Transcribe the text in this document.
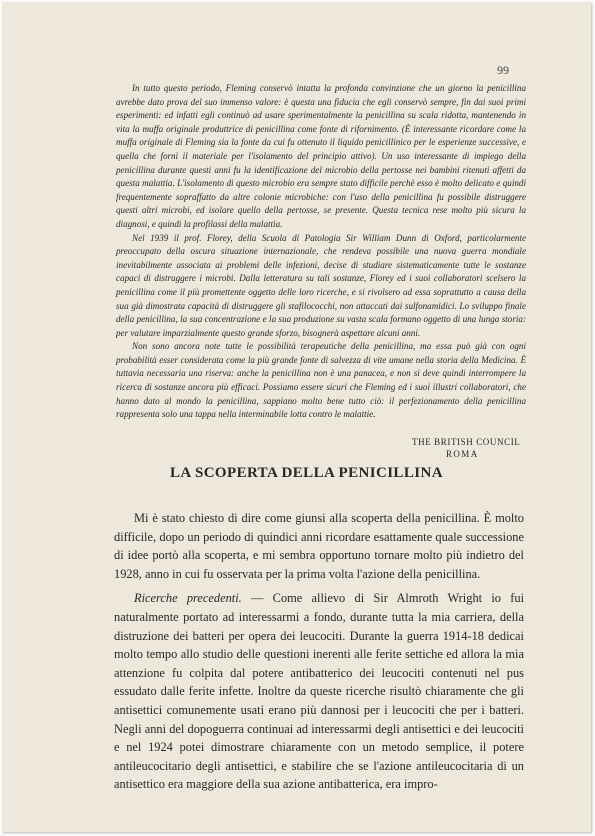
99

In tutto questo periodo, Fleming conservò intatta la profonda convinzione che un giorno la penicillina avrebbe dato prova del suo immenso valore: è questa una fiducia che egli conservò sempre, fin dai suoi primi esperimenti: ed infatti egli continuò ad usare sperimentalmente la penicillina su scala ridotta, mantenendo in vita la muffa originale produttrice di penicillina come fonte di rifornimento. (È interessante ricordare come la muffa originale di Fleming sia la fonte da cui fu ottenuto il liquido penicillinico per le esperienze successive, e quella che fornì il materiale per l'isolamento del principio attivo). Un uso interessante di impiego della penicillina durante questi anni fu la identificazione del microbio della pertosse nei bambini ritenuti affetti da questa malattia. L'isolamento di questo microbio era sempre stato difficile perchè esso è molto delicato e quindi frequentemente sopraffatto da altre colonie microbiche: con l'uso della penicillina fu possibile distruggere questi altri microbi, ed isolare quello della pertosse, se presente. Questa tecnica rese molto più sicura la diagnosi, e quindi la profilassi della malattia.

Nel 1939 il prof. Florey, della Scuola di Patologia Sir William Dunn di Oxford, particolarmente preoccupato della oscura situazione internazionale, che rendeva possibile una nuova guerra mondiale inevitabilmente associata ai problemi delle infezioni, decise di studiare sistematicamente tutte le sostanze capaci di distruggere i microbi. Dalla letteratura su tali sostanze, Florey ed i suoi collaboratori scelsero la penicillina come il più promettente oggetto delle loro ricerche, e si rivolsero ad essa soprattutto a causa della sua già dimostrata capacità di distruggere gli stafilococchi, non attaccati dai sulfonamidici. Lo sviluppo finale della penicillina, la sua concentrazione e la sua produzione su vasta scala formano oggetto di una lunga storia: per valutare imparzialmente questo grande sforzo, bisognerà aspettare alcuni anni.

Non sono ancora note tutte le possibilità terapeutiche della penicillina, ma essa può già con ogni probabilità esser considerata come la più grande fonte di salvezza di vite umane nella storia della Medicina. È tuttavia necessaria una riserva: anche la penicillina non è una panacea, e non si deve quindi interrompere la ricerca di sostanze ancora più efficaci. Possiamo essere sicuri che Fleming ed i suoi illustri collaboratori, che hanno dato al mondo la penicillina, sappiano molto bene tutto ciò: il perfezionamento della penicillina rappresenta solo una tappa nella interminabile lotta contro le malattie.

THE BRITISH COUNCIL
ROMA
LA SCOPERTA DELLA PENICILLINA

Mi è stato chiesto di dire come giunsi alla scoperta della penicillina. È molto difficile, dopo un periodo di quindici anni ricordare esattamente quale successione di idee portò alla scoperta, e mi sembra opportuno tornare molto più indietro del 1928, anno in cui fu osservata per la prima volta l'azione della penicillina.

Ricerche precedenti. — Come allievo di Sir Almroth Wright io fui naturalmente portato ad interessarmi a fondo, durante tutta la mia carriera, della distruzione dei batteri per opera dei leucociti. Durante la guerra 1914-18 dedicai molto tempo allo studio delle questioni inerenti alle ferite settiche ed allora la mia attenzione fu colpita dal potere antibatterico dei leucociti contenuti nel pus essudato dalle ferite infette. Inoltre da queste ricerche risultò chiaramente che gli antisettici comunemente usati erano più dannosi per i leucociti che per i batteri. Negli anni del dopoguerra continuai ad interessarmi degli antisettici e dei leucociti e nel 1924 potei dimostrare chiaramente con un metodo semplice, il potere antileucocitario degli antisettici, e stabilire che se l'azione antileucocitaria di un antisettico era maggiore della sua azione antibatterica, era impro-
